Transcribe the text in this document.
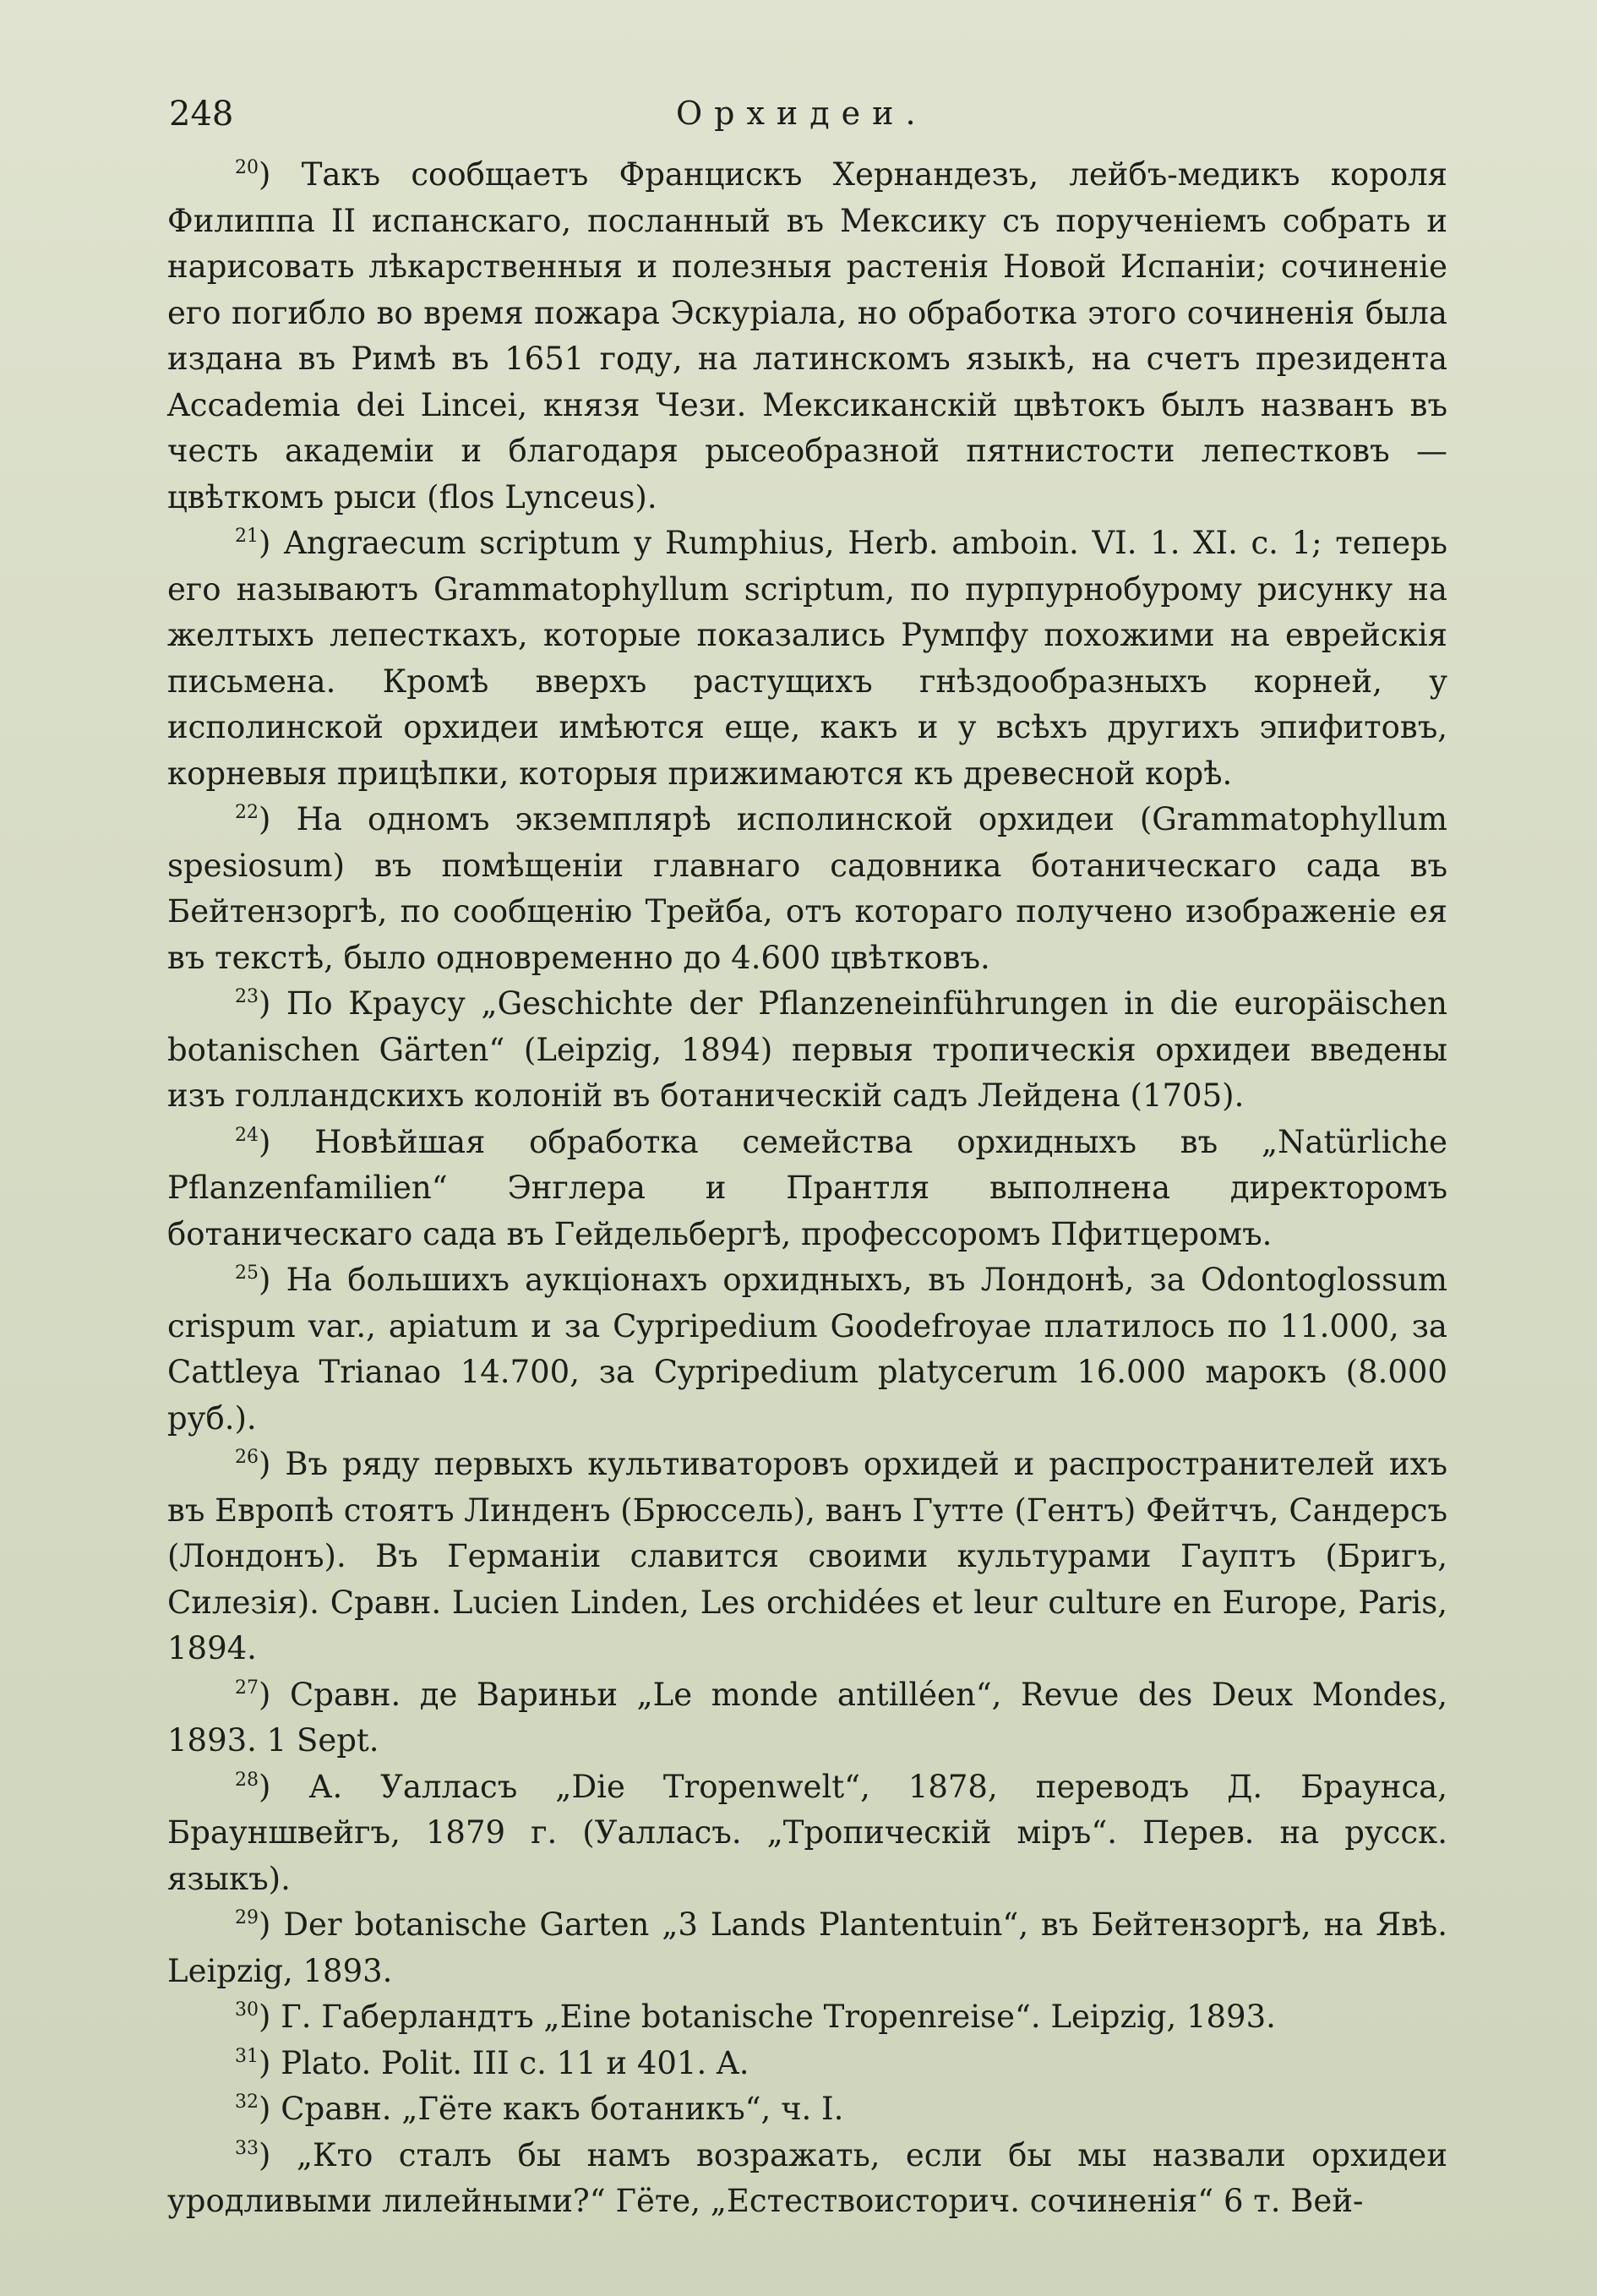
248	Орхидеи.

$^{20}$) Такъ сообщаетъ Францискъ Хернандезъ, лейбъ-медикъ короля Филиппа II испанскаго, посланный въ Мексику съ порученіемъ собрать и нарисовать лѣкарственныя и полезныя растенія Новой Испаніи; сочиненіе его погибло во время пожара Эскуріала, но обработка этого сочиненія была издана въ Римѣ въ 1651 году, на латинскомъ языкѣ, на счетъ президента Accademia dei Lincei, князя Чези. Мексиканскій цвѣтокъ былъ названъ въ честь академіи и благодаря рысеобразной пятнистости лепестковъ — цвѣткомъ рыси (flos Lynceus).

$^{21}$) Angraecum scriptum у Rumphius, Herb. amboin. VI. 1. XI. c. 1; теперь его называютъ Grammatophyllum scriptum, по пурпурнобурому рисунку на желтыхъ лепесткахъ, которые показались Румпфу похожими на еврейскія письмена. Кромѣ вверхъ растущихъ гнѣздообразныхъ корней, у исполинской орхидеи имѣются еще, какъ и у всѣхъ другихъ эпифитовъ, корневыя прицѣпки, которыя прижимаются къ древесной корѣ.

$^{22}$) На одномъ экземплярѣ исполинской орхидеи (Grammatophyllum spesiosum) въ помѣщеніи главнаго садовника ботаническаго сада въ Бейтензоргѣ, по сообщенію Трейба, отъ котораго получено изображеніе ея въ текстѣ, было одновременно до 4.600 цвѣтковъ.

$^{23}$) По Краусу „Geschichte der Pflanzeneinführungen in die europäischen botanischen Gärten“ (Leipzig, 1894) первыя тропическія орхидеи введены изъ голландскихъ колоній въ ботаническій садъ Лейдена (1705).

$^{24}$) Новѣйшая обработка семейства орхидныхъ въ „Natürliche Pflanzenfamilien“ Энглера и Прантля выполнена директоромъ ботаническаго сада въ Гейдельбергѣ, профессоромъ Пфитцеромъ.

$^{25}$) На большихъ аукціонахъ орхидныхъ, въ Лондонѣ, за Odontoglossum crispum var., apiatum и за Cypripedium Goodefroyae платилось по 11.000, за Cattleya Trianao 14.700, за Cypripedium platycerum 16.000 марокъ (8.000 руб.).

$^{26}$) Въ ряду первыхъ культиваторовъ орхидей и распространителей ихъ въ Европѣ стоятъ Линденъ (Брюссель), ванъ Гутте (Гентъ) Фейтчъ, Сандерсъ (Лондонъ). Въ Германіи славится своими культурами Гауптъ (Бригъ, Силезія). Сравн. Lucien Linden, Les orchidées et leur culture en Europe, Paris, 1894.

$^{27}$) Сравн. де Вариньи „Le monde antilléen“, Revue des Deux Mondes, 1893. 1 Sept.

$^{28}$) А. Уалласъ „Die Tropenwelt“, 1878, переводъ Д. Браунса, Брауншвейгъ, 1879 г. (Уалласъ. „Тропическій міръ“. Перев. на русск. языкъ).

$^{29}$) Der botanische Garten „3 Lands Plantentuin“, въ Бейтензоргѣ, на Явѣ. Leipzig, 1893.

$^{30}$) Г. Габерландтъ „Eine botanische Tropenreise“. Leipzig, 1893.

$^{31}$) Plato. Polit. III c. 11 и 401. A.

$^{32}$) Сравн. „Гёте какъ ботаникъ“, ч. I.

$^{33}$) „Кто сталъ бы намъ возражать, если бы мы назвали орхидеи уродливыми лилейными?“ Гёте, „Естествоисторич. сочиненія“ 6 т. Вей-
